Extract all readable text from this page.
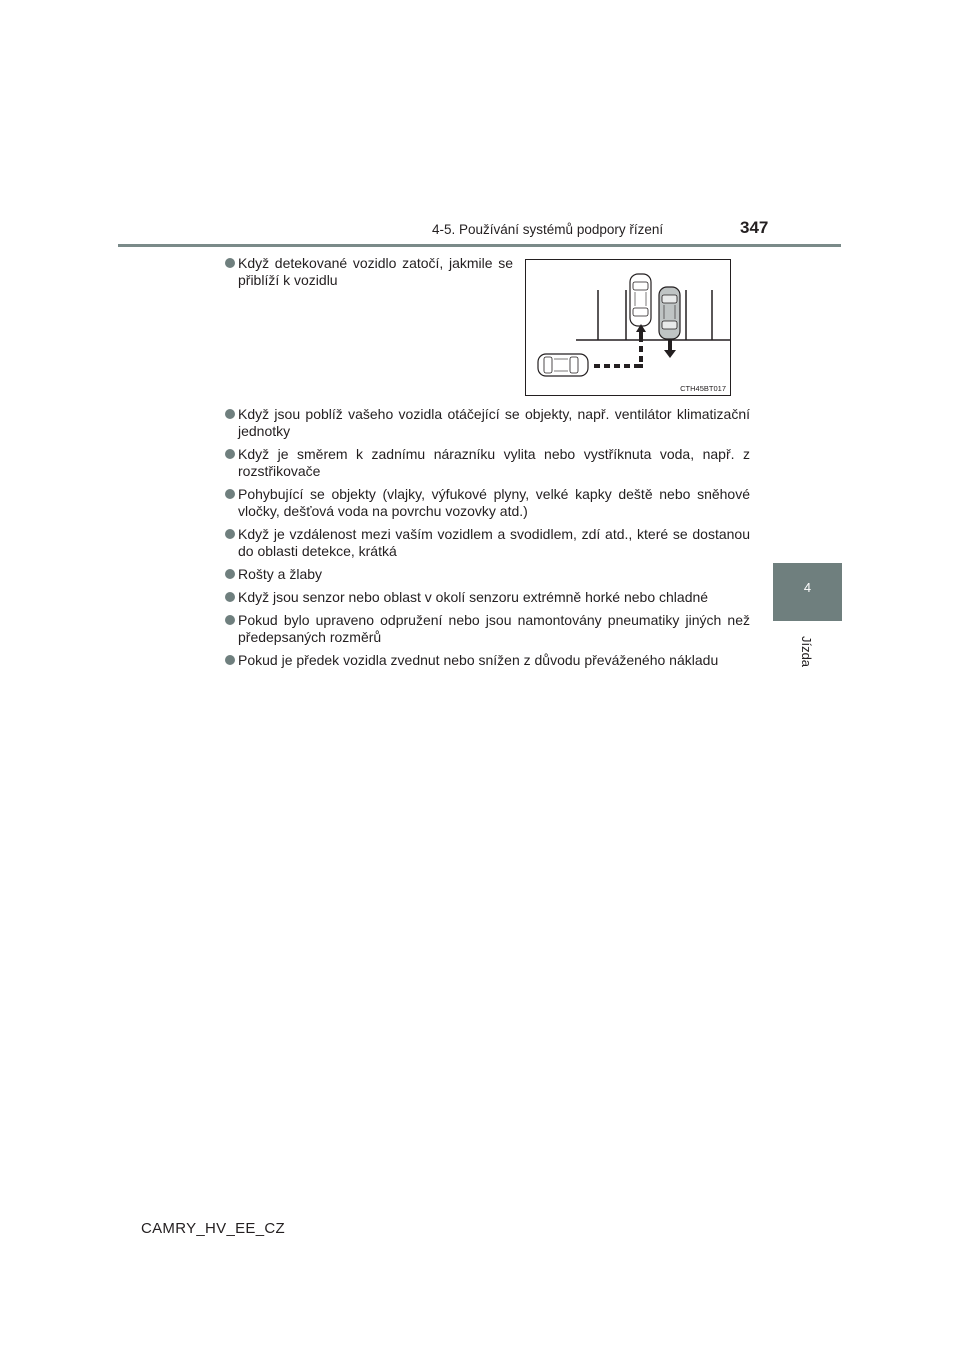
4-5. Používání systémů podpory řízení	347
4
Jízda
Když detekované vozidlo zatočí, jakmile se přiblíží k vozidlu
Když jsou poblíž vašeho vozidla otáčející se objekty, např. ventilátor klimatizační jednotky
Když je směrem k zadnímu nárazníku vylita nebo vystříknuta voda, např. z rozstřikovače
Pohybující se objekty (vlajky, výfukové plyny, velké kapky deště nebo sněhové vločky, dešťová voda na povrchu vozovky atd.)
Když je vzdálenost mezi vaším vozidlem a svodidlem, zdí atd., které se dostanou do oblasti detekce, krátká
Rošty a žlaby
Když jsou senzor nebo oblast v okolí senzoru extrémně horké nebo chladné
Pokud bylo upraveno odpružení nebo jsou namontovány pneumatiky jiných než předepsaných rozměrů
Pokud je předek vozidla zvednut nebo snížen z důvodu převáženého nákladu
CTH45BT017
CAMRY_HV_EE_CZ
